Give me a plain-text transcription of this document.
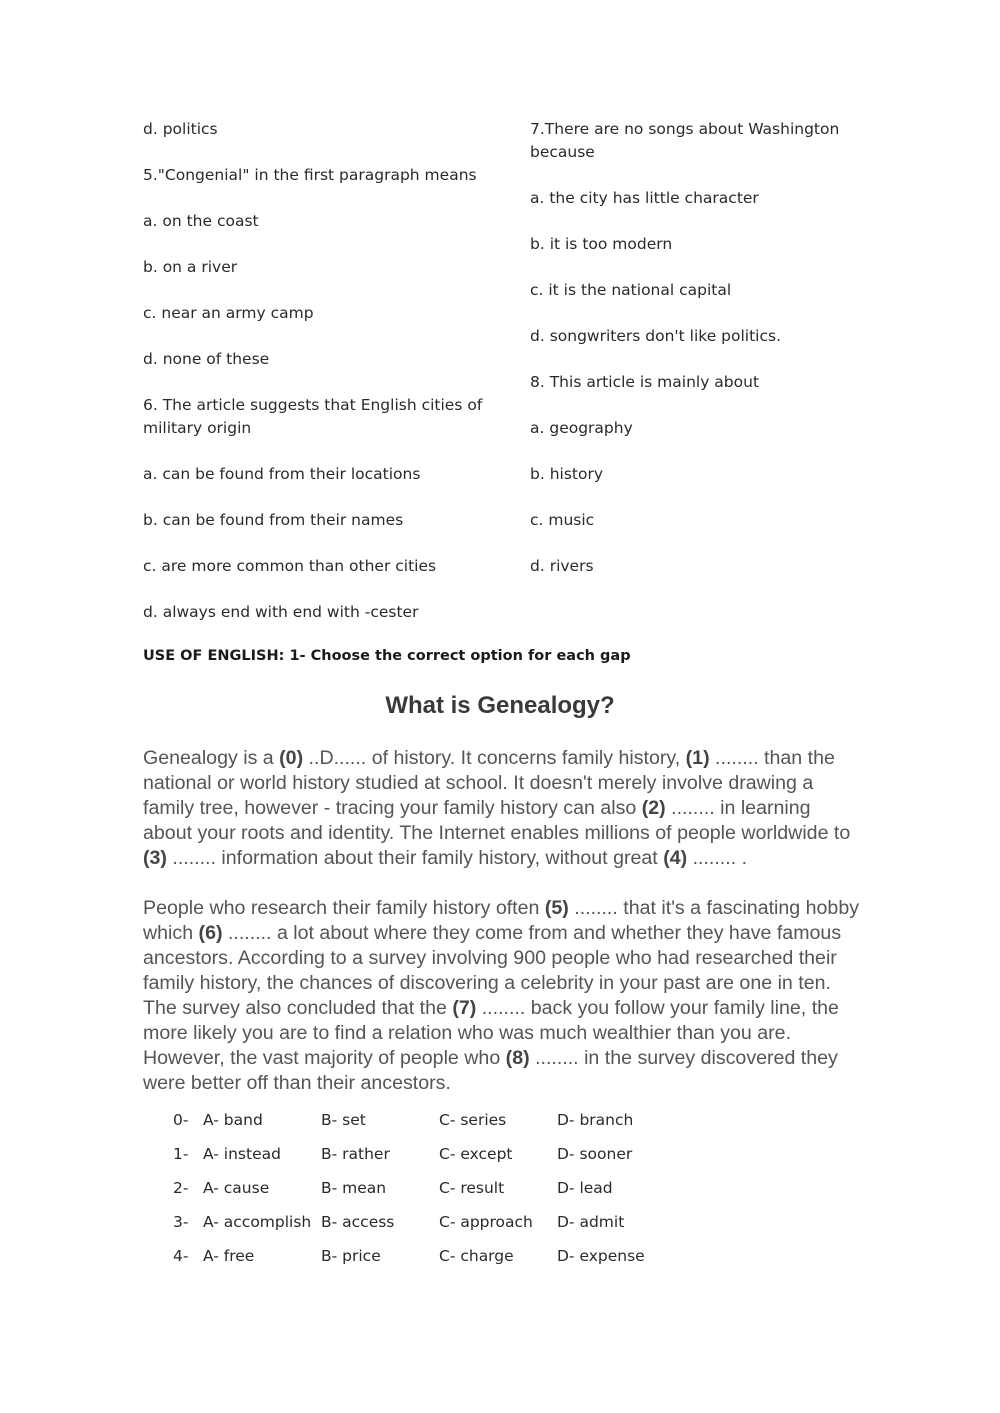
d. politics

5."Congenial" in the first paragraph means

a. on the coast

b. on a river

c. near an army camp

d. none of these

6. The article suggests that English cities of military origin

a. can be found from their locations

b. can be found from their names

c. are more common than other cities

d. always end with end with -cester

7.There are no songs about Washington because

a. the city has little character

b. it is too modern

c. it is the national capital

d. songwriters don't like politics.

8. This article is mainly about

a. geography

b. history

c. music

d. rivers

USE OF ENGLISH: 1- Choose the correct option for each gap
What is Genealogy?
Genealogy is a (0) ..D...... of history. It concerns family history, (1) ........ than the national or world history studied at school. It doesn't merely involve drawing a family tree, however - tracing your family history can also (2) ........ in learning about your roots and identity. The Internet enables millions of people worldwide to (3) ........ information about their family history, without great (4) ........ .
People who research their family history often (5) ........ that it's a fascinating hobby which (6) ........ a lot about where they come from and whether they have famous ancestors. According to a survey involving 900 people who had researched their family history, the chances of discovering a celebrity in your past are one in ten. The survey also concluded that the (7) ........ back you follow your family line, the more likely you are to find a relation who was much wealthier than you are. However, the vast majority of people who (8) ........ in the survey discovered they were better off than their ancestors.
0-	A- band	B- set	C- series	D- branch
1-	A- instead	B- rather	C- except	D- sooner
2-	A- cause	B- mean	C- result	D- lead
3-	A- accomplish	B- access	C- approach	D- admit
4-	A- free	B- price	C- charge	D- expense
